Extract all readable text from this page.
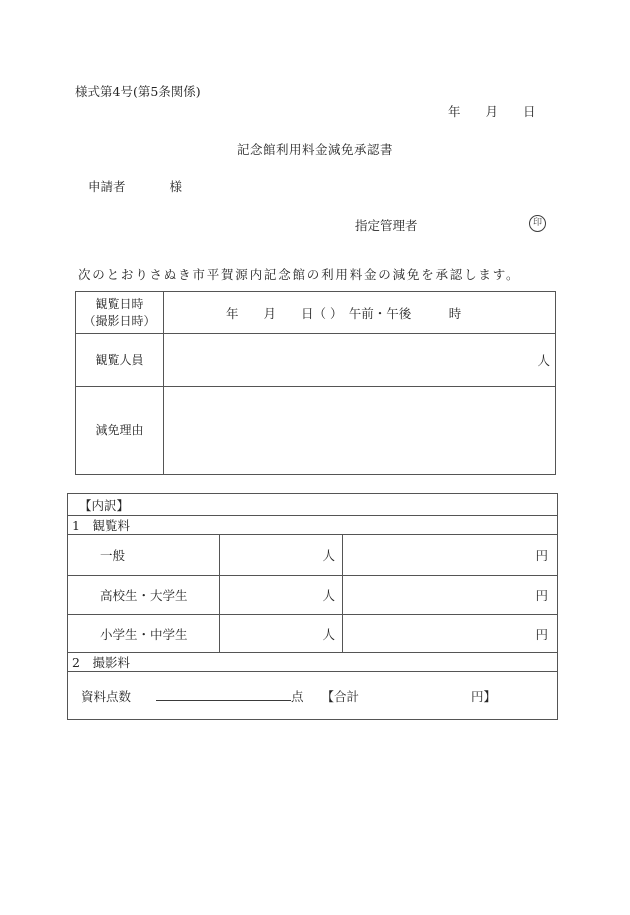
様式第4号(第5条関係)
年　　月　　日
記念館利用料金減免承認書
申請者	様
指定管理者	印
次のとおりさぬき市平賀源内記念館の利用料金の減免を承認します。
観覧日時
（撮影日時）	年　　月　　日（ ）　午前・午後　　　時
観覧人員	人
減免理由	
【内訳】		
1　観覧料		
一般	人	円
高校生・大学生	人	円
小学生・中学生	人	円
2　撮影料		
資料点数 点 【合計 円】		
